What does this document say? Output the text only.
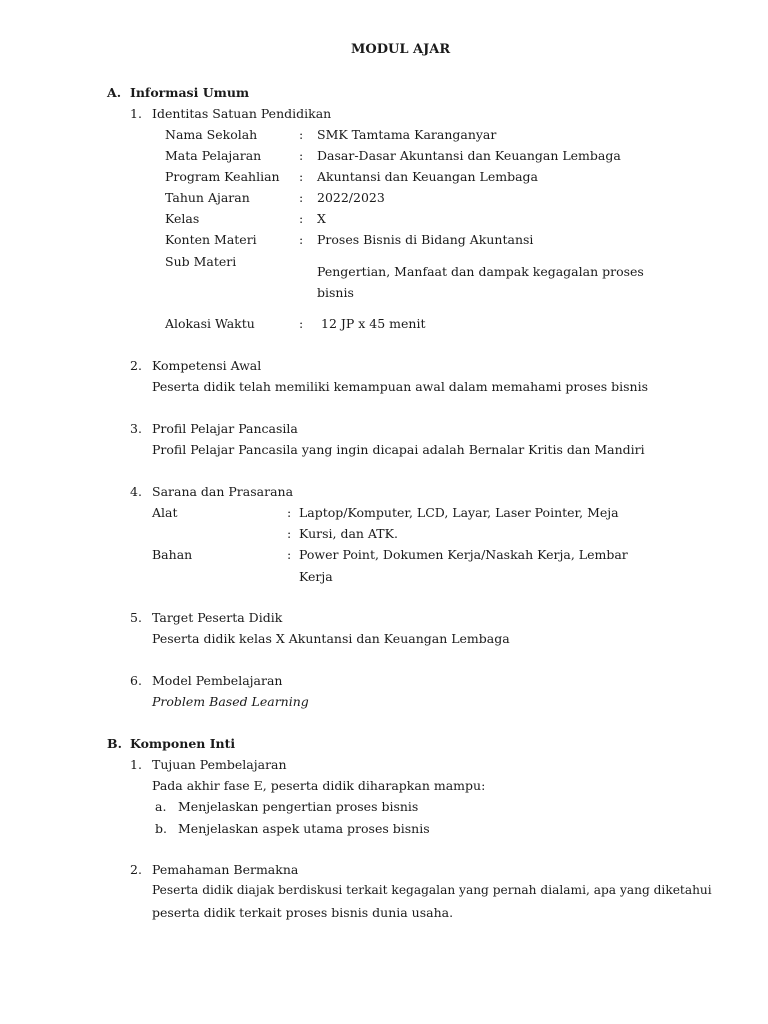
MODUL AJAR
A. Informasi Umum
1. Identitas Satuan Pendidikan
Nama Sekolah	: SMK Tamtama Karanganyar
Mata Pelajaran	: Dasar-Dasar Akuntansi dan Keuangan Lembaga
Program Keahlian : Akuntansi dan Keuangan Lembaga
Tahun Ajaran	: 2022/2023
Kelas	: X
Konten Materi	: Proses Bisnis di Bidang Akuntansi
Sub Materi
Pengertian, Manfaat dan dampak kegagalan proses
bisnis
Alokasi Waktu	: 12 JP x 45 menit
2. Kompetensi Awal
Peserta didik telah memiliki kemampuan awal dalam memahami proses bisnis
3. Profil Pelajar Pancasila
Profil Pelajar Pancasila yang ingin dicapai adalah Bernalar Kritis dan Mandiri
4. Sarana dan Prasarana
Alat	: Laptop/Komputer, LCD, Layar, Laser Pointer, Meja
: Kursi, dan ATK.
Bahan	: Power Point, Dokumen Kerja/Naskah Kerja, Lembar
Kerja
5. Target Peserta Didik
Peserta didik kelas X Akuntansi dan Keuangan Lembaga
6. Model Pembelajaran
Problem Based Learning
B. Komponen Inti
1. Tujuan Pembelajaran
Pada akhir fase E, peserta didik diharapkan mampu:
a. Menjelaskan pengertian proses bisnis
b. Menjelaskan aspek utama proses bisnis
2. Pemahaman Bermakna
Peserta didik diajak berdiskusi terkait kegagalan yang pernah dialami, apa yang diketahui
peserta didik terkait proses bisnis dunia usaha.
